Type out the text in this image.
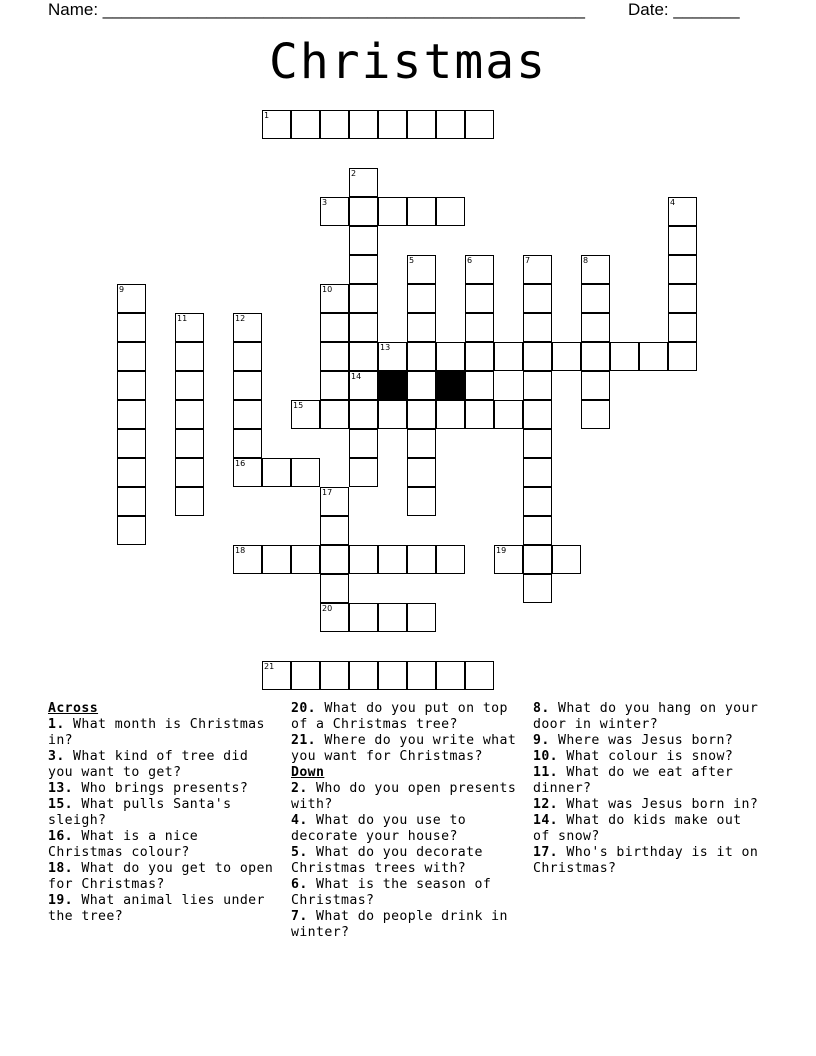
Name: ___________________________________________________	Date: _______
Christmas
1
3
13
15
16
18	19
20
21
2
14
4
5	6	7	8
9	10
11	12
17
Across
1. What month is Christmas in?
3. What kind of tree did you want to get?
13. Who brings presents?
15. What pulls Santa's sleigh?
16. What is a nice Christmas colour?
18. What do you get to open for Christmas?
19. What animal lies under the tree?
20. What do you put on top of a Christmas tree?
21. Where do you write what you want for Christmas?
Down
2. Who do you open presents with?
4. What do you use to decorate your house?
5. What do you decorate Christmas trees with?
6. What is the season of Christmas?
7. What do people drink in winter?
8. What do you hang on your door in winter?
9. Where was Jesus born?
10. What colour is snow?
11. What do we eat after dinner?
12. What was Jesus born in?
14. What do kids make out of snow?
17. Who's birthday is it on Christmas?
